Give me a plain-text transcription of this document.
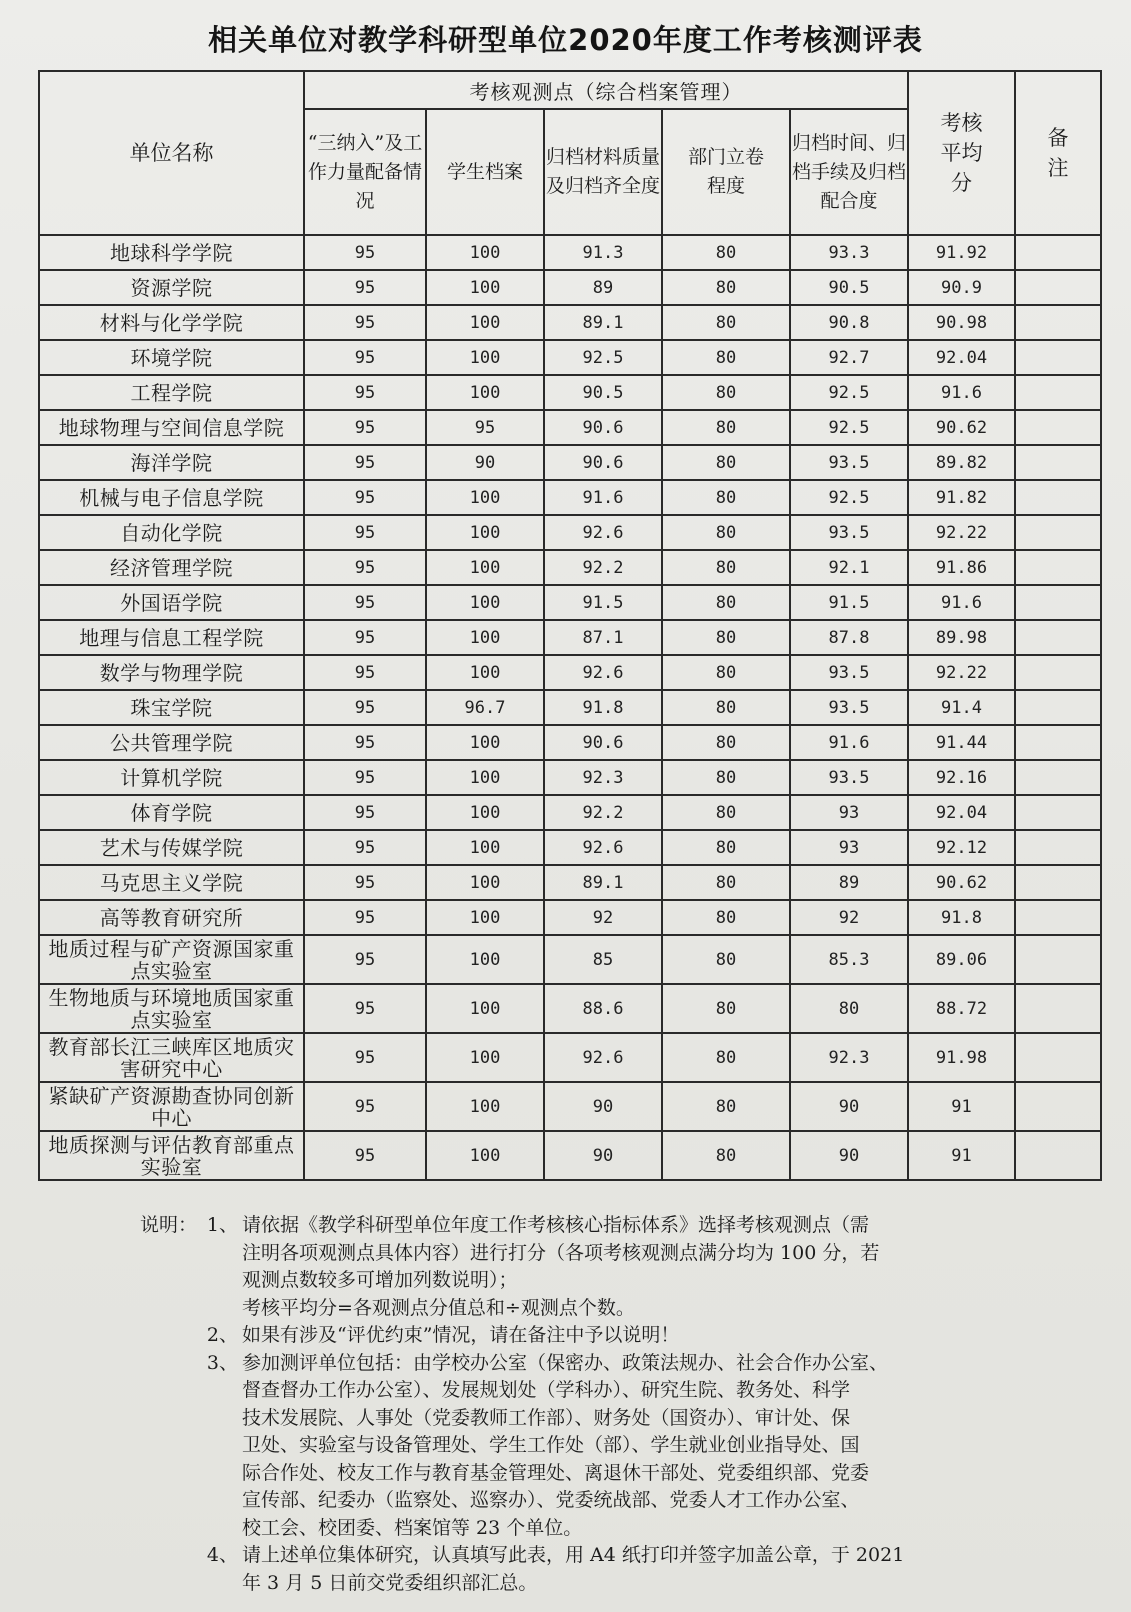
相关单位对教学科研型单位2020年度工作考核测评表
单位名称	考核观测点（综合档案管理）					考核平均分	备注
	“三纳入”及工作力量配备情况	学生档案	归档材料质量及归档齐全度	部门立卷程度	归档时间、归档手续及归档配合度		
地球科学学院	95	100	91.3	80	93.3	91.92	
资源学院	95	100	89	80	90.5	90.9	
材料与化学学院	95	100	89.1	80	90.8	90.98	
环境学院	95	100	92.5	80	92.7	92.04	
工程学院	95	100	90.5	80	92.5	91.6	
地球物理与空间信息学院	95	95	90.6	80	92.5	90.62	
海洋学院	95	90	90.6	80	93.5	89.82	
机械与电子信息学院	95	100	91.6	80	92.5	91.82	
自动化学院	95	100	92.6	80	93.5	92.22	
经济管理学院	95	100	92.2	80	92.1	91.86	
外国语学院	95	100	91.5	80	91.5	91.6	
地理与信息工程学院	95	100	87.1	80	87.8	89.98	
数学与物理学院	95	100	92.6	80	93.5	92.22	
珠宝学院	95	96.7	91.8	80	93.5	91.4	
公共管理学院	95	100	90.6	80	91.6	91.44	
计算机学院	95	100	92.3	80	93.5	92.16	
体育学院	95	100	92.2	80	93	92.04	
艺术与传媒学院	95	100	92.6	80	93	92.12	
马克思主义学院	95	100	89.1	80	89	90.62	
高等教育研究所	95	100	92	80	92	91.8	
地质过程与矿产资源国家重点实验室	95	100	85	80	85.3	89.06	
生物地质与环境地质国家重点实验室	95	100	88.6	80	80	88.72	
教育部长江三峡库区地质灾害研究中心	95	100	92.6	80	92.3	91.98	
紧缺矿产资源勘查协同创新中心	95	100	90	80	90	91	
地质探测与评估教育部重点实验室	95	100	90	80	90	91	
说明： 1、 请依据《教学科研型单位年度工作考核核心指标体系》选择考核观测点（需
注明各项观测点具体内容）进行打分（各项考核观测点满分均为 100 分，若
观测点数较多可增加列数说明）；
考核平均分=各观测点分值总和÷观测点个数。
2、 如果有涉及“评优约束”情况，请在备注中予以说明！
3、 参加测评单位包括：由学校办公室（保密办、政策法规办、社会合作办公室、
督查督办工作办公室）、发展规划处（学科办）、研究生院、教务处、科学
技术发展院、人事处（党委教师工作部）、财务处（国资办）、审计处、保
卫处、实验室与设备管理处、学生工作处（部）、学生就业创业指导处、国
际合作处、校友工作与教育基金管理处、离退休干部处、党委组织部、党委
宣传部、纪委办（监察处、巡察办）、党委统战部、党委人才工作办公室、
校工会、校团委、档案馆等 23 个单位。
4、 请上述单位集体研究，认真填写此表，用 A4 纸打印并签字加盖公章，于 2021
年 3 月 5 日前交党委组织部汇总。
